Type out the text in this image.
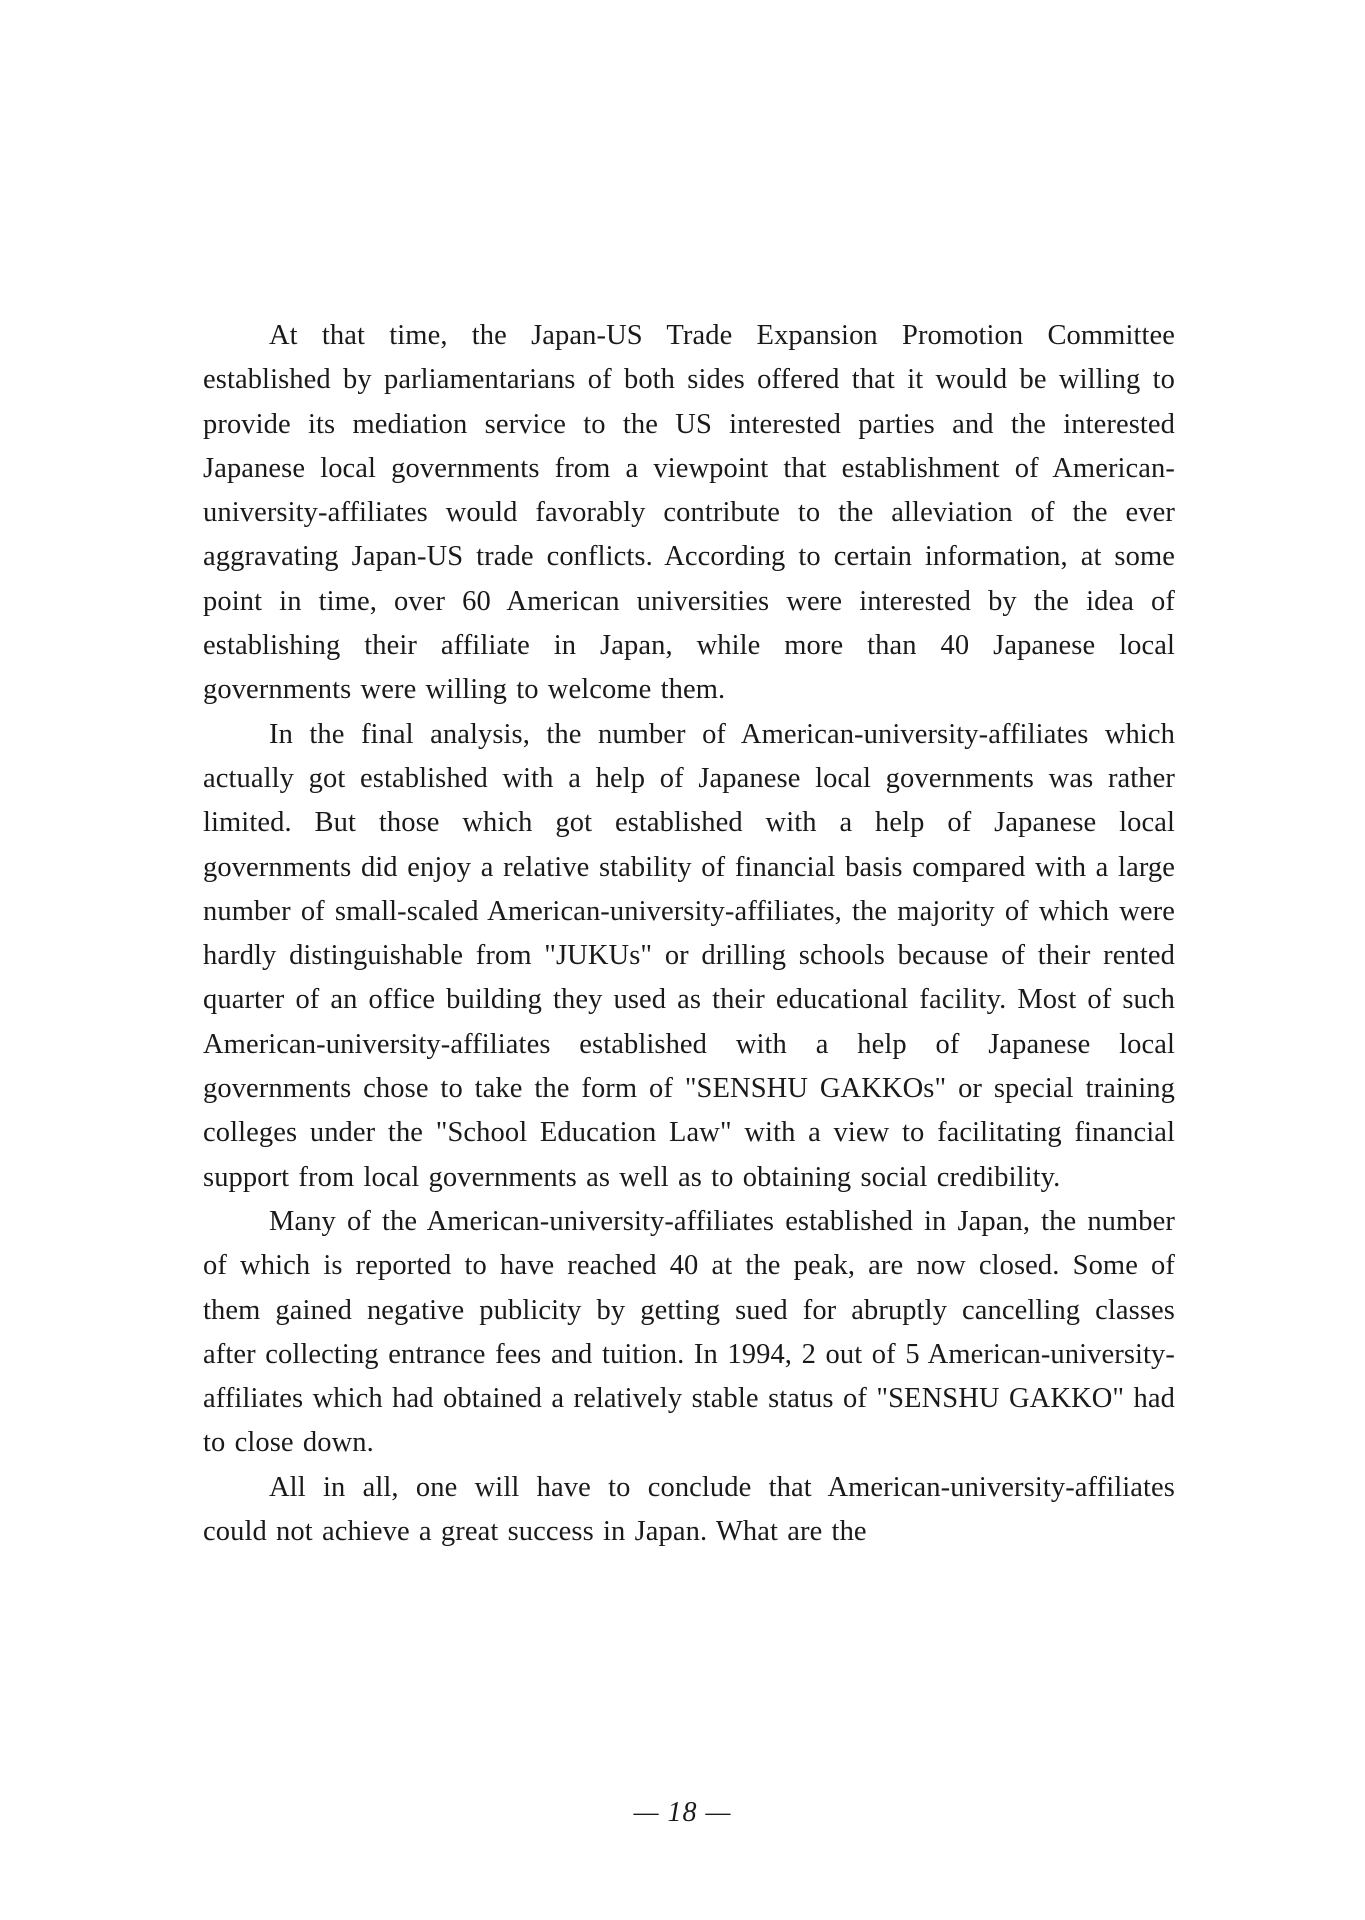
At that time, the Japan-US Trade Expansion Promotion Committee established by parliamentarians of both sides offered that it would be willing to provide its mediation service to the US interested parties and the interested Japanese local governments from a viewpoint that establishment of American-university-affiliates would favorably contribute to the alleviation of the ever aggravating Japan-US trade conflicts. According to certain information, at some point in time, over 60 American universities were interested by the idea of establishing their affiliate in Japan, while more than 40 Japanese local governments were willing to welcome them.

In the final analysis, the number of American-university-affiliates which actually got established with a help of Japanese local governments was rather limited. But those which got established with a help of Japanese local governments did enjoy a relative stability of financial basis compared with a large number of small-scaled American-university-affiliates, the majority of which were hardly distinguishable from "JUKUs" or drilling schools because of their rented quarter of an office building they used as their educational facility. Most of such American-university-affiliates established with a help of Japanese local governments chose to take the form of "SENSHU GAKKOs" or special training colleges under the "School Education Law" with a view to facilitating financial support from local governments as well as to obtaining social credibility.

Many of the American-university-affiliates established in Japan, the number of which is reported to have reached 40 at the peak, are now closed. Some of them gained negative publicity by getting sued for abruptly cancelling classes after collecting entrance fees and tuition. In 1994, 2 out of 5 American-university-affiliates which had obtained a relatively stable status of "SENSHU GAKKO" had to close down.

All in all, one will have to conclude that American-university-affiliates could not achieve a great success in Japan. What are the

— 18 —
